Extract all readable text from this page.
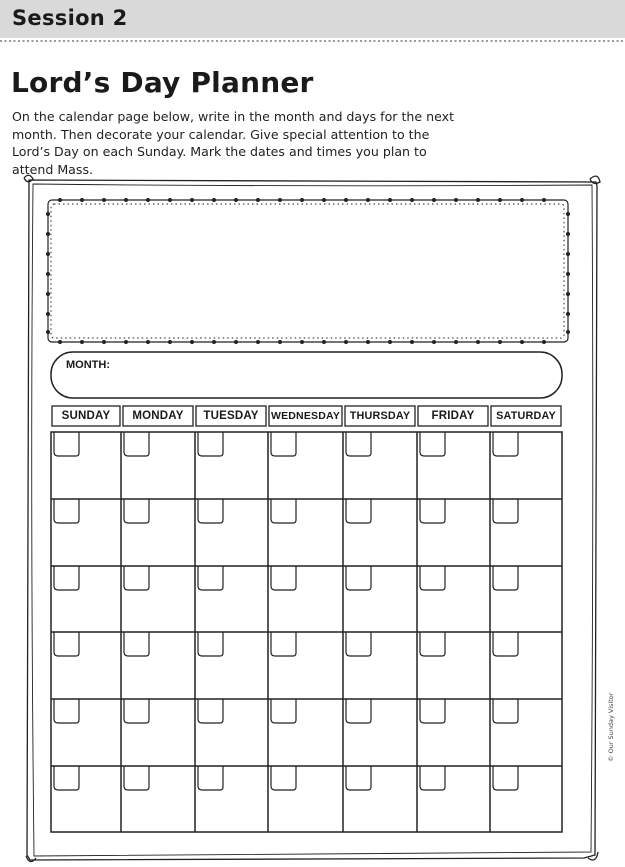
Session 2
Lord’s Day Planner

On the calendar page below, write in the month and days for the next month. Then decorate your calendar. Give special attention to the Lord’s Day on each Sunday. Mark the dates and times you plan to attend Mass.

MONTH:
SUNDAY	MONDAY	TUESDAY	WEDNESDAY THURSDAY	FRIDAY	SATURDAY
© Our Sunday Visitor
